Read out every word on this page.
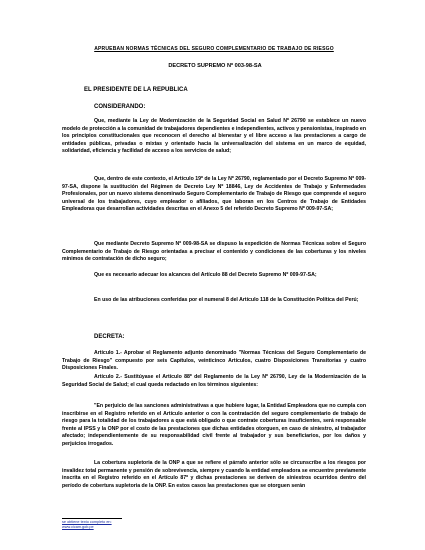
APRUEBAN NORMAS TÉCNICAS DEL SEGURO COMPLEMENTARIO DE TRABAJO DE RIESGO
DECRETO SUPREMO Nº 003-98-SA
EL PRESIDENTE DE LA REPUBLICA
CONSIDERANDO:

Que, mediante la Ley de Modernización de la Seguridad Social en Salud Nº 26790 se establece un nuevo modelo de protección a la comunidad de trabajadores dependientes e independientes, activos y pensionistas, inspirado en los principios constitucionales que reconocen el derecho al bienestar y el libre acceso a las prestaciones a cargo de entidades públicas, privadas o mixtas y orientado hacia la universalización del sistema en un marco de equidad, solidaridad, eficiencia y facilidad de acceso a los servicios de salud;

Que, dentro de este contexto, el Artículo 19º de la Ley Nº 26790, reglamentado por el Decreto Supremo Nº 009-97-SA, dispone la sustitución del Régimen de Decreto Ley Nº 18846, Ley de Accidentes de Trabajo y Enfermedades Profesionales, por un nuevo sistema denominado Seguro Complementario de Trabajo de Riesgo que comprende el seguro universal de los trabajadores, cuyo empleador o afiliados, que laboran en los Centros de Trabajo de Entidades Empleadoras que desarrollan actividades descritas en el Anexo 5 del referido Decreto Supremo Nº 009-97-SA;

Que mediante Decreto Supremo Nº 009-98-SA se dispuso la expedición de Normas Técnicas sobre el Seguro Complementario de Trabajo de Riesgo orientadas a precisar el contenido y condiciones de las coberturas y los niveles mínimos de contratación de dicho seguro;

Que es necesario adecuar los alcances del Artículo 88 del Decreto Supremo Nº 009-97-SA;

En uso de las atribuciones conferidas por el numeral 8 del Artículo 118 de la Constitución Política del Perú;

DECRETA:

Artículo 1.- Aprobar el Reglamento adjunto denominado "Normas Técnicas del Seguro Complementario de Trabajo de Riesgo" compuesto por seis Capítulos, veinticinco Artículos, cuatro Disposiciones Transitorias y cuatro Disposiciones Finales.

Artículo 2.- Sustitúyase el Artículo 88º del Reglamento de la Ley Nº 26790, Ley de la Modernización de la Seguridad Social de Salud; el cual queda redactado en los términos siguientes:

"En perjuicio de las sanciones administrativas a que hubiere lugar, la Entidad Empleadora que no cumpla con inscribirse en el Registro referido en el Artículo anterior o con la contratación del seguro complementario de trabajo de riesgo para la totalidad de los trabajadores a que está obligado o que contrate coberturas insuficientes, será responsable frente al IPSS y la ONP por el costo de las prestaciones que dichas entidades otorguen, en caso de siniestro, al trabajador afectado; independientemente de su responsabilidad civil frente al trabajador y sus beneficiarios, por los daños y perjuicios irrogados.

La cobertura supletoria de la ONP a que se refiere el párrafo anterior sólo se circunscribe a los riesgos por invalidez total permanente y pensión de sobrevivencia, siempre y cuando la entidad empleadora se encuentre previamente inscrita en el Registro referido en el Artículo 87º y dichas prestaciones se deriven de siniestros ocurridos dentro del período de cobertura supletoria de la ONP. En estos casos las prestaciones que se otorguen serán

se obtiene texto completo en:
www.cicam.gob.pe
